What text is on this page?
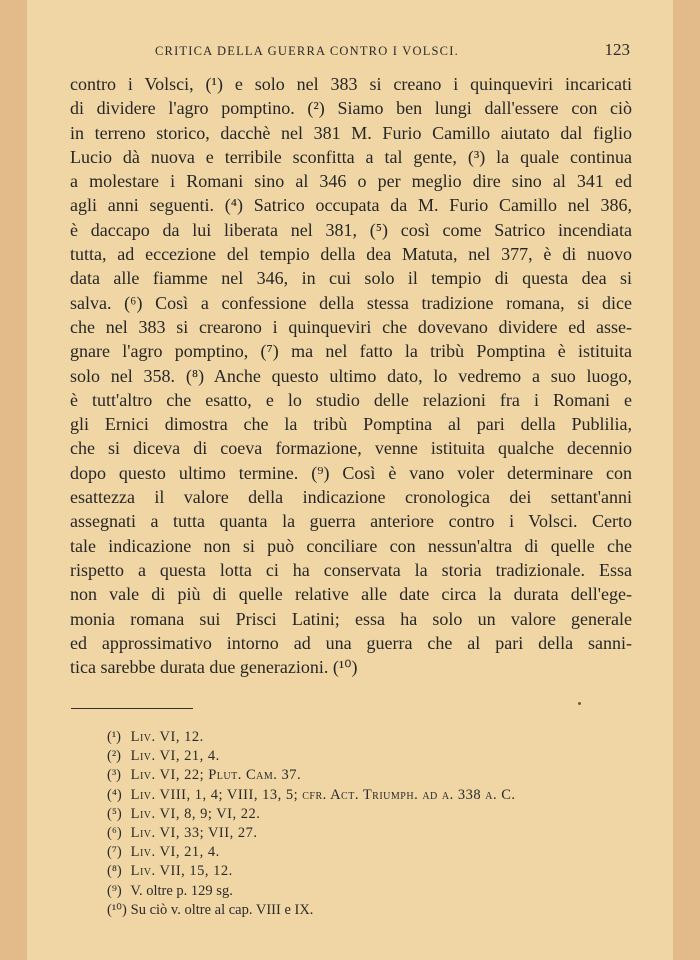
CRITICA DELLA GUERRA CONTRO I VOLSCI.	123
contro i Volsci, (¹) e solo nel 383 si creano i quinqueviri incaricati
di dividere l'agro pomptino. (²) Siamo ben lungi dall'essere con ciò
in terreno storico, dacchè nel 381 M. Furio Camillo aiutato dal figlio
Lucio dà nuova e terribile sconfitta a tal gente, (³) la quale continua
a molestare i Romani sino al 346 o per meglio dire sino al 341 ed
agli anni seguenti. (⁴) Satrico occupata da M. Furio Camillo nel 386,
è daccapo da lui liberata nel 381, (⁵) così come Satrico incendiata
tutta, ad eccezione del tempio della dea Matuta, nel 377, è di nuovo
data alle fiamme nel 346, in cui solo il tempio di questa dea si
salva. (⁶) Così a confessione della stessa tradizione romana, si dice
che nel 383 si crearono i quinqueviri che dovevano dividere ed asse-
gnare l'agro pomptino, (⁷) ma nel fatto la tribù Pomptina è istituita
solo nel 358. (⁸) Anche questo ultimo dato, lo vedremo a suo luogo,
è tutt'altro che esatto, e lo studio delle relazioni fra i Romani e
gli Ernici dimostra che la tribù Pomptina al pari della Publilia,
che si diceva di coeva formazione, venne istituita qualche decennio
dopo questo ultimo termine. (⁹) Così è vano voler determinare con
esattezza il valore della indicazione cronologica dei settant'anni
assegnati a tutta quanta la guerra anteriore contro i Volsci. Certo
tale indicazione non si può conciliare con nessun'altra di quelle che
rispetto a questa lotta ci ha conservata la storia tradizionale. Essa
non vale di più di quelle relative alle date circa la durata dell'ege-
monia romana sui Prisci Latini; essa ha solo un valore generale
ed approssimativo intorno ad una guerra che al pari della sanni-
tica sarebbe durata due generazioni. (¹⁰)
(¹) Liv. VI, 12.
(²) Liv. VI, 21, 4.
(³) Liv. VI, 22; Plut. Cam. 37.
(⁴) Liv. VIII, 1, 4; VIII, 13, 5; cfr. Act. Triumph. ad a. 338 a. C.
(⁵) Liv. VI, 8, 9; VI, 22.
(⁶) Liv. VI, 33; VII, 27.
(⁷) Liv. VI, 21, 4.
(⁸) Liv. VII, 15, 12.
(⁹) V. oltre p. 129 sg.
(¹⁰) Su ciò v. oltre al cap. VIII e IX.
